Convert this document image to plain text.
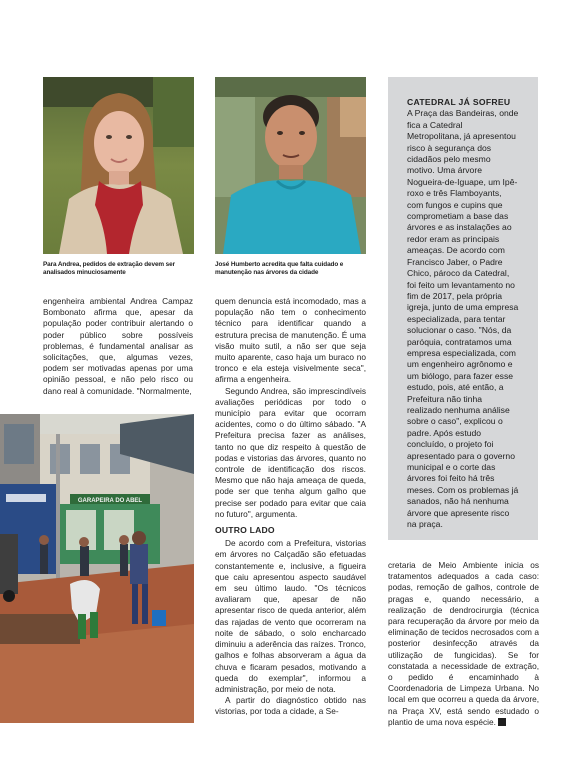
Para Andrea, pedidos de extração devem ser analisados minuciosamente
José Humberto acredita que falta cuidado e manutenção nas árvores da cidade
GARAPEIRA DO ABEL

engenheira ambiental Andrea Campaz Bombonato afirma que, apesar da população poder contribuir alertando o poder público sobre possíveis problemas, é fundamental analisar as solicitações, que, algumas vezes, podem ser motivadas apenas por uma opinião pessoal, e não pelo risco ou dano real à comunidade. "Normalmente,

quem denuncia está incomodado, mas a população não tem o conhecimento técnico para identificar quando a estrutura precisa de manutenção. É uma visão muito sutil, a não ser que seja muito aparente, caso haja um buraco no tronco e ela esteja visivelmente seca", afirma a engenheira.

Segundo Andrea, são imprescindíveis avaliações periódicas por todo o município para evitar que ocorram acidentes, como o do último sábado. "A Prefeitura precisa fazer as análises, tanto no que diz respeito à questão de podas e vistorias das árvores, quanto no controle de identificação dos riscos. Mesmo que não haja ameaça de queda, pode ser que tenha algum galho que precise ser podado para evitar que caia no futuro", argumenta.

OUTRO LADO

De acordo com a Prefeitura, vistorias em árvores no Calçadão são efetuadas constantemente e, inclusive, a figueira que caiu apresentou aspecto saudável em seu último laudo. "Os técnicos avaliaram que, apesar de não apresentar risco de queda anterior, além das rajadas de vento que ocorreram na noite de sábado, o solo encharcado diminuiu a aderência das raízes. Tronco, galhos e folhas absorveram a água da chuva e ficaram pesados, motivando a queda do exemplar", informou a administração, por meio de nota.

A partir do diagnóstico obtido nas vistorias, por toda a cidade, a Se-

cretaria de Meio Ambiente inicia os tratamentos adequados a cada caso: podas, remoção de galhos, controle de pragas e, quando necessário, a realização de dendrocirurgia (técnica para recuperação da árvore por meio da eliminação de tecidos necrosados com a posterior desinfecção através da utilização de fungicidas). Se for constatada a necessidade de extração, o pedido é encaminhado à Coordenadoria de Limpeza Urbana. No local em que ocorreu a queda da árvore, na Praça XV, está sendo estudado o plantio de uma nova espécie.

CATEDRAL JÁ SOFREU

A Praça das Bandeiras, onde fica a Catedral Metropolitana, já apresentou risco à segurança dos cidadãos pelo mesmo motivo. Uma árvore Nogueira-de-Iguape, um Ipê-roxo e três Flamboyants, com fungos e cupins que comprometiam a base das árvores e as instalações ao redor eram as principais ameaças. De acordo com Francisco Jaber, o Padre Chico, pároco da Catedral, foi feito um levantamento no fim de 2017, pela própria igreja, junto de uma empresa especializada, para tentar solucionar o caso. "Nós, da paróquia, contratamos uma empresa especializada, com um engenheiro agrônomo e um biólogo, para fazer esse estudo, pois, até então, a Prefeitura não tinha realizado nenhuma análise sobre o caso", explicou o padre. Após estudo concluído, o projeto foi apresentado para o governo municipal e o corte das árvores foi feito há três meses. Com os problemas já sanados, não há nenhuma árvore que apresente risco na praça.
